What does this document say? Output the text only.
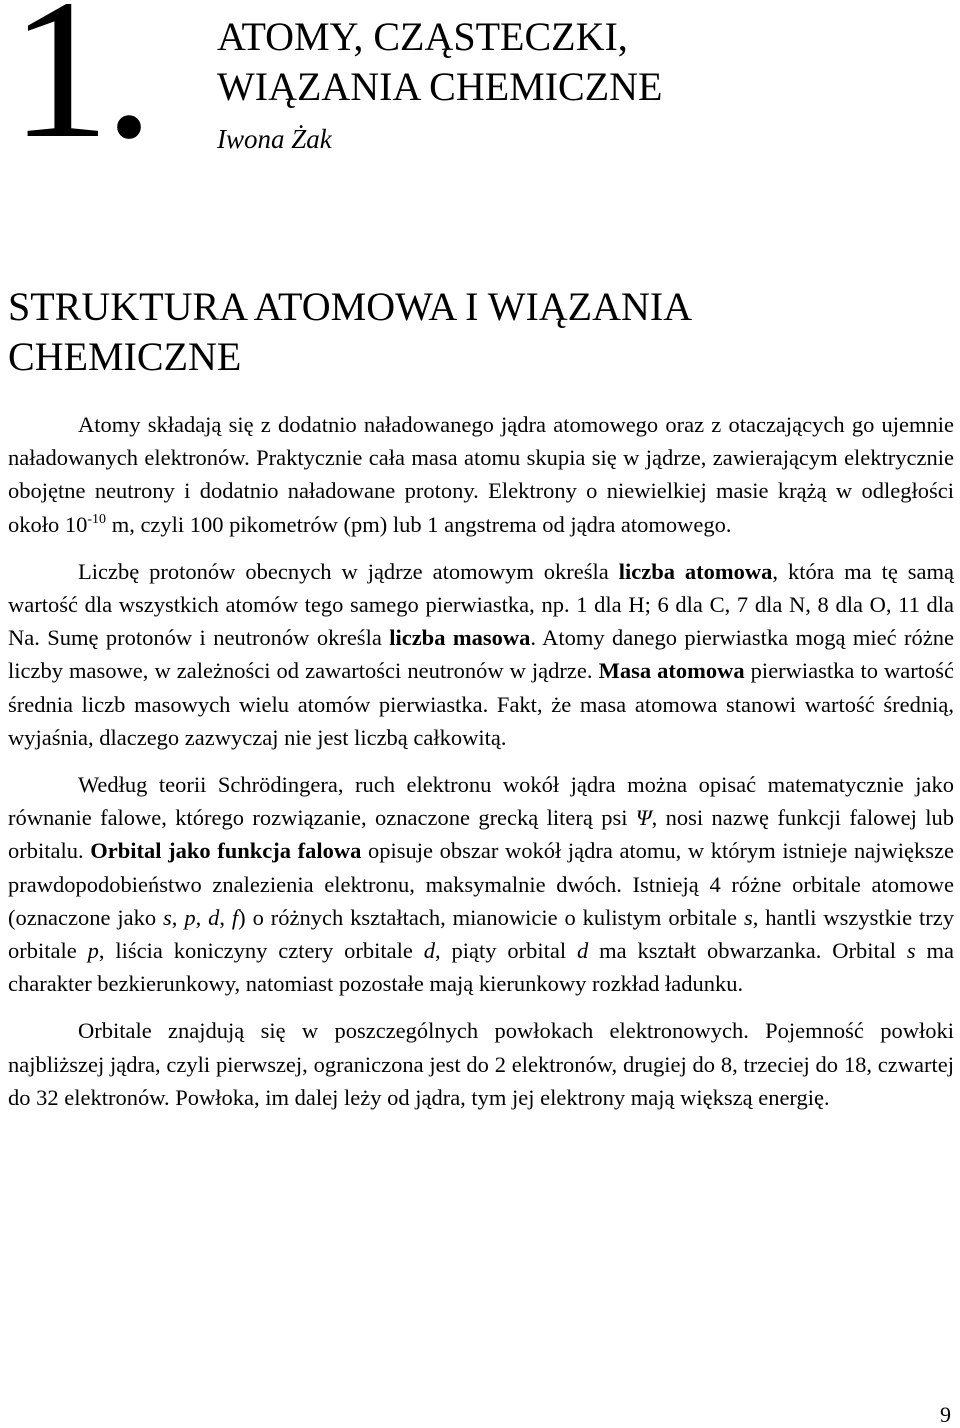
1. ATOMY, CZĄSTECZKI,
WIĄZANIA CHEMICZNE
Iwona Żak
STRUKTURA ATOMOWA I WIĄZANIA CHEMICZNE

Atomy składają się z dodatnio naładowanego jądra atomowego oraz z otaczających go ujemnie naładowanych elektronów. Praktycznie cała masa atomu skupia się w jądrze, zawierającym elektrycznie obojętne neutrony i dodatnio naładowane protony. Elektrony o niewielkiej masie krążą w odległości około $10^{-10}$ m, czyli 100 pikometrów (pm) lub 1 angstrema od jądra atomowego.

Liczbę protonów obecnych w jądrze atomowym określa liczba atomowa, która ma tę samą wartość dla wszystkich atomów tego samego pierwiastka, np. 1 dla H; 6 dla C, 7 dla N, 8 dla O, 11 dla Na. Sumę protonów i neutronów określa liczba masowa. Atomy danego pierwiastka mogą mieć różne liczby masowe, w zależności od zawartości neutronów w jądrze. Masa atomowa pierwiastka to wartość średnia liczb masowych wielu atomów pierwiastka. Fakt, że masa atomowa stanowi wartość średnią, wyjaśnia, dlaczego zazwyczaj nie jest liczbą całkowitą.

Według teorii Schrödingera, ruch elektronu wokół jądra można opisać matematycznie jako równanie falowe, którego rozwiązanie, oznaczone grecką literą psi Ψ, nosi nazwę funkcji falowej lub orbitalu. Orbital jako funkcja falowa opisuje obszar wokół jądra atomu, w którym istnieje największe prawdopodobieństwo znalezienia elektronu, maksymalnie dwóch. Istnieją 4 różne orbitale atomowe (oznaczone jako s, p, d, f) o różnych kształtach, mianowicie o kulistym orbitale s, hantli wszystkie trzy orbitale p, liścia koniczyny cztery orbitale d, piąty orbital d ma kształt obwarzanka. Orbital s ma charakter bezkierunkowy, natomiast pozostałe mają kierunkowy rozkład ładunku.

Orbitale znajdują się w poszczególnych powłokach elektronowych. Pojemność powłoki najbliższej jądra, czyli pierwszej, ograniczona jest do 2 elektronów, drugiej do 8, trzeciej do 18, czwartej do 32 elektronów. Powłoka, im dalej leży od jądra, tym jej elektrony mają większą energię.

9
